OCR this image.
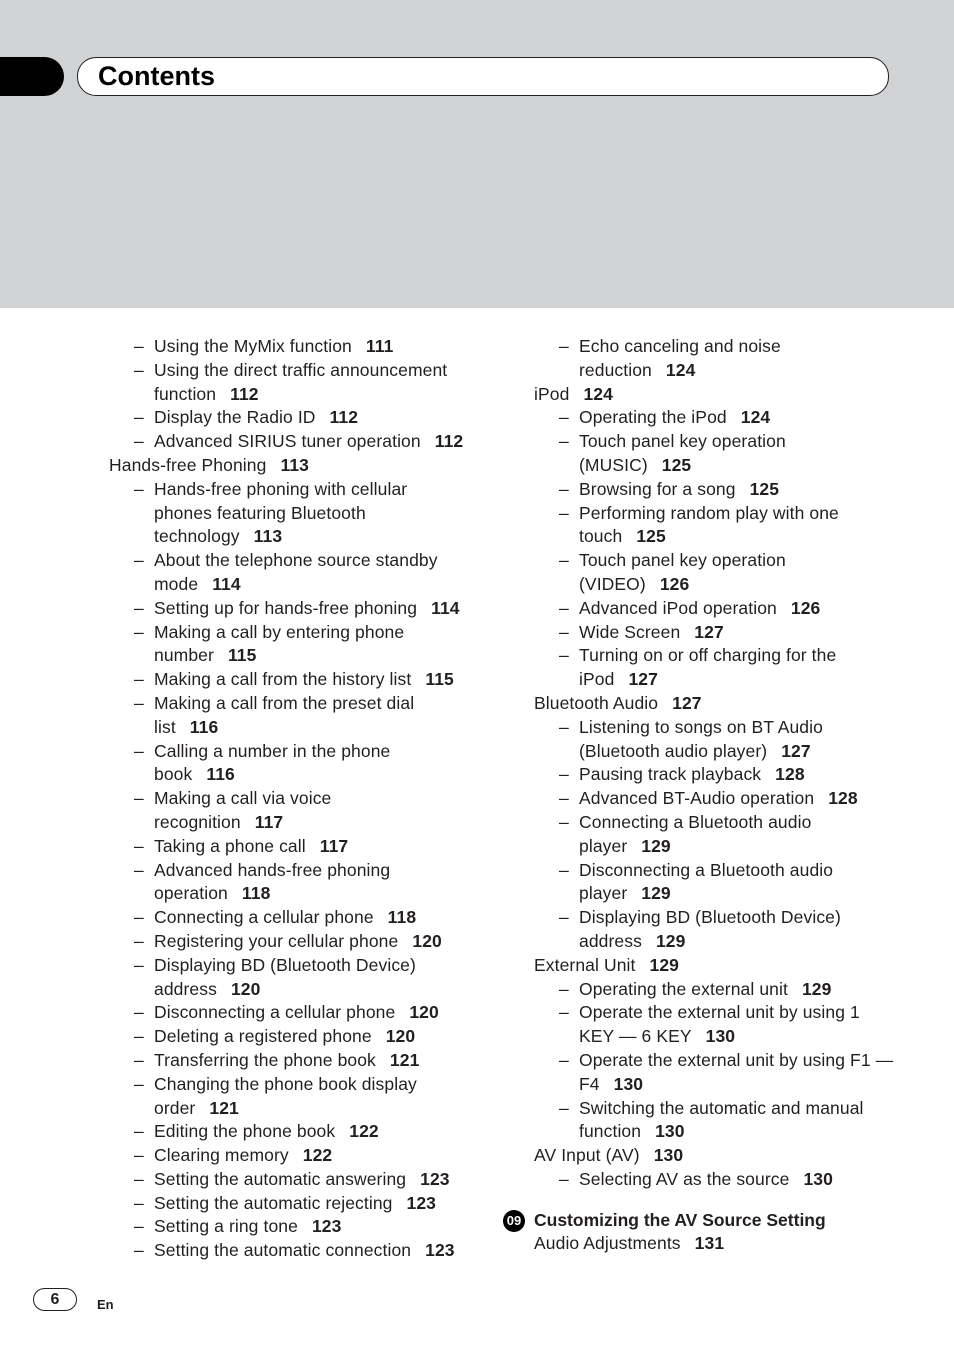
Contents
– Using the MyMix function 111
– Using the direct traffic announcement
function 112
– Display the Radio ID 112
– Advanced SIRIUS tuner operation 112
Hands-free Phoning 113
– Hands-free phoning with cellular
phones featuring Bluetooth
technology 113
– About the telephone source standby
mode 114
– Setting up for hands-free phoning 114
– Making a call by entering phone
number 115
– Making a call from the history list 115
– Making a call from the preset dial
list 116
– Calling a number in the phone
book 116
– Making a call via voice
recognition 117
– Taking a phone call 117
– Advanced hands-free phoning
operation 118
– Connecting a cellular phone 118
– Registering your cellular phone 120
– Displaying BD (Bluetooth Device)
address 120
– Disconnecting a cellular phone 120
– Deleting a registered phone 120
– Transferring the phone book 121
– Changing the phone book display
order 121
– Editing the phone book 122
– Clearing memory 122
– Setting the automatic answering 123
– Setting the automatic rejecting 123
– Setting a ring tone 123
– Setting the automatic connection 123
– Echo canceling and noise
reduction 124
iPod 124
– Operating the iPod 124
– Touch panel key operation
(MUSIC) 125
– Browsing for a song 125
– Performing random play with one
touch 125
– Touch panel key operation
(VIDEO) 126
– Advanced iPod operation 126
– Wide Screen 127
– Turning on or off charging for the
iPod 127
Bluetooth Audio 127
– Listening to songs on BT Audio
(Bluetooth audio player) 127
– Pausing track playback 128
– Advanced BT-Audio operation 128
– Connecting a Bluetooth audio
player 129
– Disconnecting a Bluetooth audio
player 129
– Displaying BD (Bluetooth Device)
address 129
External Unit 129
– Operating the external unit 129
– Operate the external unit by using 1
KEY — 6 KEY 130
– Operate the external unit by using F1 —
F4 130
– Switching the automatic and manual
function 130
AV Input (AV) 130
– Selecting AV as the source 130
09 Customizing the AV Source Setting
Audio Adjustments 131
6	En
